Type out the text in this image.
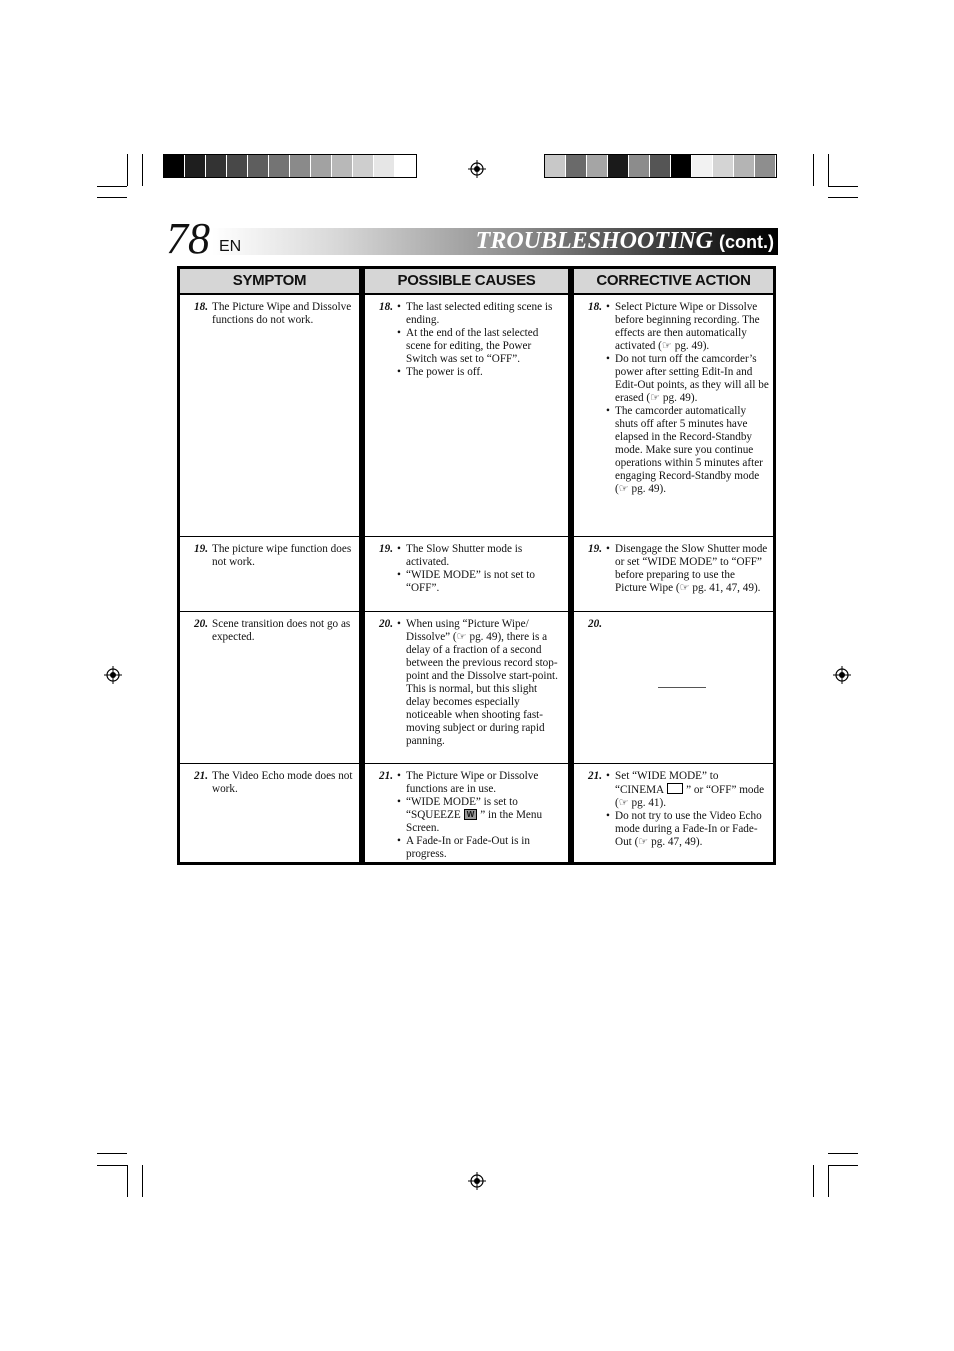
78 EN	TROUBLESHOOTING (cont.)
SYMPTOM
18. The Picture Wipe and Dissolve functions do not work.
19. The picture wipe function does not work.
20. Scene transition does not go as expected.
21. The Video Echo mode does not work.
POSSIBLE CAUSES
18. • The last selected editing scene is ending.
• At the end of the last selected scene for editing, the Power Switch was set to “OFF”.
• The power is off.
19. • The Slow Shutter mode is activated.
• “WIDE MODE” is not set to “OFF”.
20. • When using “Picture Wipe/ Dissolve” (☞ pg. 49), there is a delay of a fraction of a second between the previous record stop-point and the Dissolve start-point. This is normal, but this slight delay becomes especially noticeable when shooting fast-moving subject or during rapid panning.
21. • The Picture Wipe or Dissolve functions are in use.
• “WIDE MODE” is set to “SQUEEZE W ” in the Menu Screen.
• A Fade-In or Fade-Out is in progress.
CORRECTIVE ACTION
18. • Select Picture Wipe or Dissolve before beginning recording. The effects are then automatically activated (☞ pg. 49).
• Do not turn off the camcorder’s power after setting Edit-In and Edit-Out points, as they will all be erased (☞ pg. 49).
• The camcorder automatically shuts off after 5 minutes have elapsed in the Record-Standby mode. Make sure you continue operations within 5 minutes after engaging Record-Standby mode (☞ pg. 49).
19. • Disengage the Slow Shutter mode or set “WIDE MODE” to “OFF” before preparing to use the Picture Wipe (☞ pg. 41, 47, 49).
20.
21. • Set “WIDE MODE” to “CINEMA ” or “OFF” mode (☞ pg. 41).
• Do not try to use the Video Echo mode during a Fade-In or Fade-Out (☞ pg. 47, 49).
